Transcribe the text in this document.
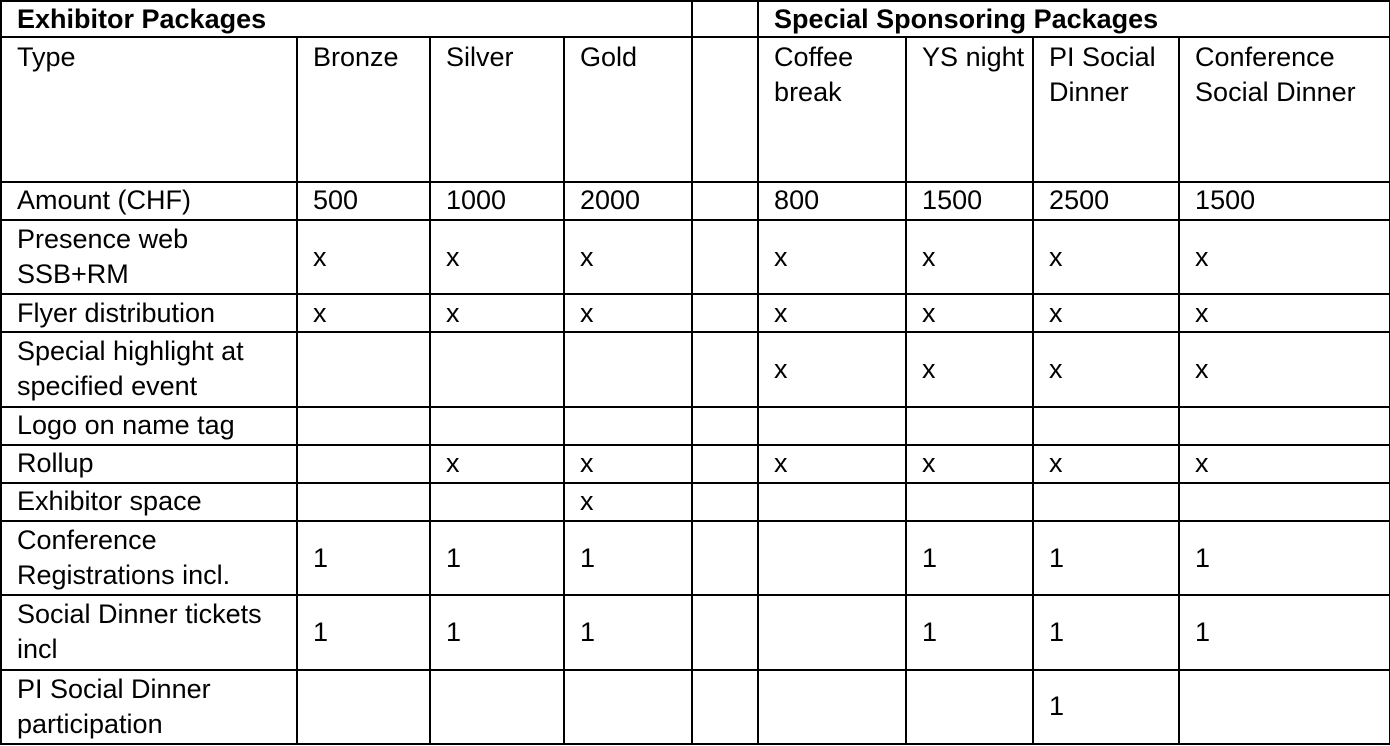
Exhibitor Packages					Special Sponsoring Packages			
Type	Bronze	Silver	Gold		Coffee break	YS night	PI Social Dinner	Conference Social Dinner
Amount (CHF)	500	1000	2000		800	1500	2500	1500
Presence web SSB+RM	x	x	x		x	x	x	x
Flyer distribution	x	x	x		x	x	x	x
Special highlight at specified event					x	x	x	x
Logo on name tag								
Rollup		x	x		x	x	x	x
Exhibitor space			x					
Conference Registrations incl.	1	1	1			1	1	1
Social Dinner tickets incl	1	1	1			1	1	1
PI Social Dinner participation							1	
